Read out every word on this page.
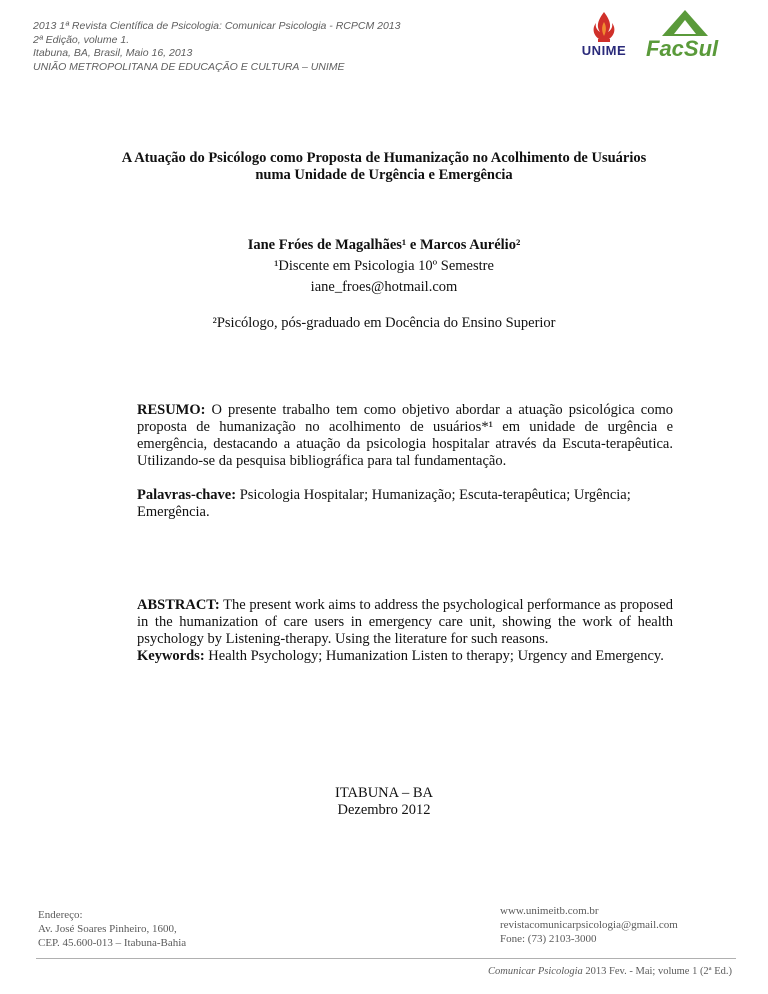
2013 1ª Revista Científica de Psicologia: Comunicar Psicologia - RCPCM 2013
2ª Edição, volume 1.
Itabuna, BA, Brasil, Maio 16, 2013
UNIÃO METROPOLITANA DE EDUCAÇÃO E CULTURA – UNIME
UNIME FacSul
A Atuação do Psicólogo como Proposta de Humanização no Acolhimento de Usuários
numa Unidade de Urgência e Emergência
Iane Fróes de Magalhães¹ e Marcos Aurélio²
¹Discente em Psicologia 10º Semestre
iane_froes@hotmail.com
²Psicólogo, pós-graduado em Docência do Ensino Superior
RESUMO: O presente trabalho tem como objetivo abordar a atuação psicológica como proposta de humanização no acolhimento de usuários*¹ em unidade de urgência e emergência, destacando a atuação da psicologia hospitalar através da Escuta-terapêutica. Utilizando-se da pesquisa bibliográfica para tal fundamentação.
Palavras-chave: Psicologia Hospitalar; Humanização; Escuta-terapêutica; Urgência; Emergência.
ABSTRACT: The present work aims to address the psychological performance as proposed in the humanization of care users in emergency care unit, showing the work of health psychology by Listening-therapy. Using the literature for such reasons.
Keywords: Health Psychology; Humanization Listen to therapy; Urgency and Emergency.
ITABUNA – BA
Dezembro 2012
Endereço:
Av. José Soares Pinheiro, 1600,
CEP. 45.600-013 – Itabuna-Bahia
www.unimeitb.com.br
revistacomunicarpsicologia@gmail.com
Fone: (73) 2103-3000
Comunicar Psicologia 2013 Fev. - Mai; volume 1 (2ª Ed.)
